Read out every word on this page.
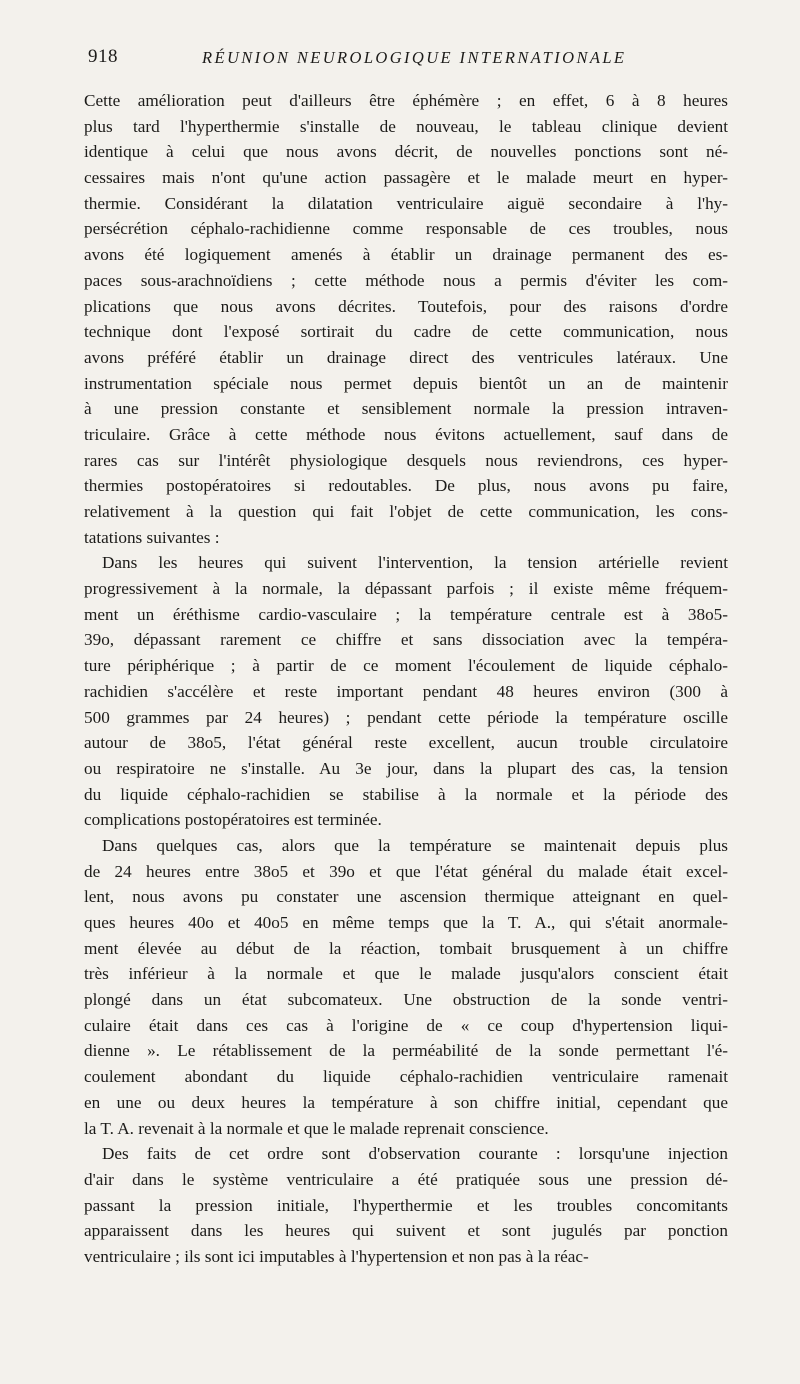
918	RÉUNION NEUROLOGIQUE INTERNATIONALE
Cette amélioration peut d'ailleurs être éphémère ; en effet, 6 à 8 heures
plus tard l'hyperthermie s'installe de nouveau, le tableau clinique devient
identique à celui que nous avons décrit, de nouvelles ponctions sont né-
cessaires mais n'ont qu'une action passagère et le malade meurt en hyper-
thermie. Considérant la dilatation ventriculaire aiguë secondaire à l'hy-
persécrétion céphalo-rachidienne comme responsable de ces troubles, nous
avons été logiquement amenés à établir un drainage permanent des es-
paces sous-arachnoïdiens ; cette méthode nous a permis d'éviter les com-
plications que nous avons décrites. Toutefois, pour des raisons d'ordre
technique dont l'exposé sortirait du cadre de cette communication, nous
avons préféré établir un drainage direct des ventricules latéraux. Une
instrumentation spéciale nous permet depuis bientôt un an de maintenir
à une pression constante et sensiblement normale la pression intraven-
triculaire. Grâce à cette méthode nous évitons actuellement, sauf dans de
rares cas sur l'intérêt physiologique desquels nous reviendrons, ces hyper-
thermies postopératoires si redoutables. De plus, nous avons pu faire,
relativement à la question qui fait l'objet de cette communication, les cons-
tatations suivantes :
Dans les heures qui suivent l'intervention, la tension artérielle revient
progressivement à la normale, la dépassant parfois ; il existe même fréquem-
ment un éréthisme cardio-vasculaire ; la température centrale est à 38o5-
39o, dépassant rarement ce chiffre et sans dissociation avec la tempéra-
ture périphérique ; à partir de ce moment l'écoulement de liquide céphalo-
rachidien s'accélère et reste important pendant 48 heures environ (300 à
500 grammes par 24 heures) ; pendant cette période la température oscille
autour de 38o5, l'état général reste excellent, aucun trouble circulatoire
ou respiratoire ne s'installe. Au 3e jour, dans la plupart des cas, la tension
du liquide céphalo-rachidien se stabilise à la normale et la période des
complications postopératoires est terminée.
Dans quelques cas, alors que la température se maintenait depuis plus
de 24 heures entre 38o5 et 39o et que l'état général du malade était excel-
lent, nous avons pu constater une ascension thermique atteignant en quel-
ques heures 40o et 40o5 en même temps que la T. A., qui s'était anormale-
ment élevée au début de la réaction, tombait brusquement à un chiffre
très inférieur à la normale et que le malade jusqu'alors conscient était
plongé dans un état subcomateux. Une obstruction de la sonde ventri-
culaire était dans ces cas à l'origine de « ce coup d'hypertension liqui-
dienne ». Le rétablissement de la perméabilité de la sonde permettant l'é-
coulement abondant du liquide céphalo-rachidien ventriculaire ramenait
en une ou deux heures la température à son chiffre initial, cependant que
la T. A. revenait à la normale et que le malade reprenait conscience.
Des faits de cet ordre sont d'observation courante : lorsqu'une injection
d'air dans le système ventriculaire a été pratiquée sous une pression dé-
passant la pression initiale, l'hyperthermie et les troubles concomitants
apparaissent dans les heures qui suivent et sont jugulés par ponction
ventriculaire ; ils sont ici imputables à l'hypertension et non pas à la réac-
